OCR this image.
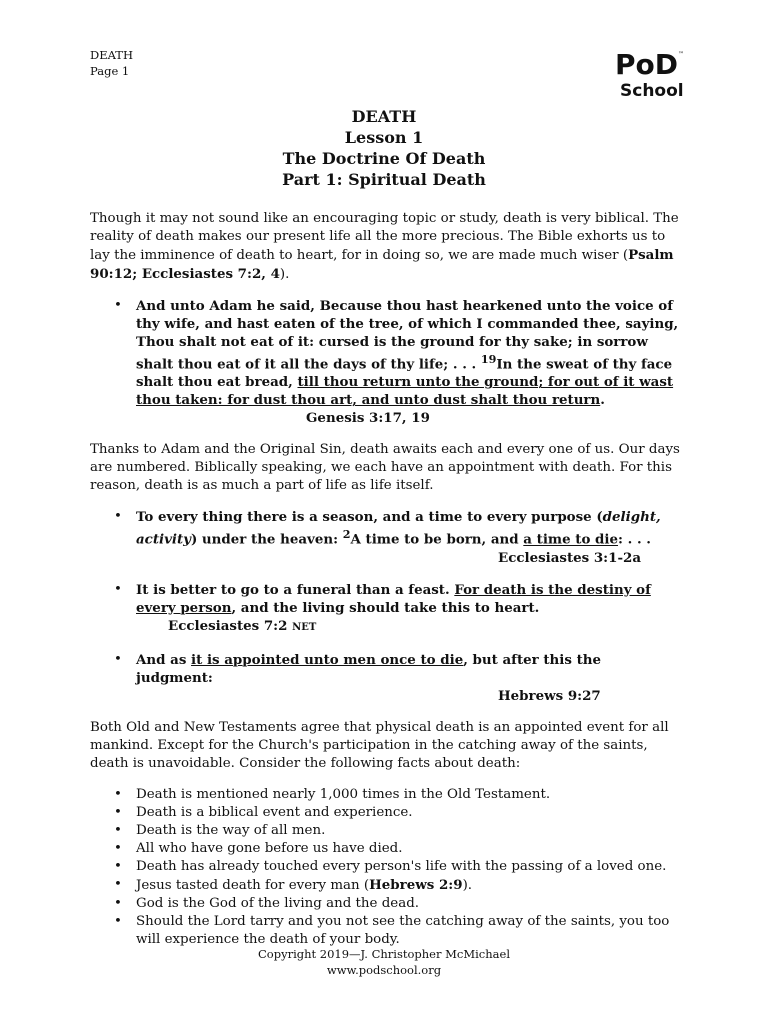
DEATH
Page 1	PoD ™
School
DEATH
Lesson 1
The Doctrine Of Death
Part 1: Spiritual Death

Though it may not sound like an encouraging topic or study, death is very biblical. The reality of death makes our present life all the more precious. The Bible exhorts us to lay the imminence of death to heart, for in doing so, we are made much wiser (Psalm 90:12; Ecclesiastes 7:2, 4).

• And unto Adam he said, Because thou hast hearkened unto the voice of thy wife, and hast eaten of the tree, of which I commanded thee, saying, Thou shalt not eat of it: cursed is the ground for thy sake; in sorrow shalt thou eat of it all the days of thy life; . . . $^{19}$In the sweat of thy face shalt thou eat bread, till thou return unto the ground; for out of it wast thou taken: for dust thou art, and unto dust shalt thou return.Genesis 3:17, 19

Thanks to Adam and the Original Sin, death awaits each and every one of us. Our days are numbered. Biblically speaking, we each have an appointment with death. For this reason, death is as much a part of life as life itself.

• To every thing there is a season, and a time to every purpose (delight, activity) under the heaven: $^2$A time to be born, and a time to die: . . .
Ecclesiastes 3:1-2a
• It is better to go to a funeral than a feast. For death is the destiny of every person, and the living should take this to heart.Ecclesiastes 7:2 NET
• And as it is appointed unto men once to die, but after this the judgment:
Hebrews 9:27

Both Old and New Testaments agree that physical death is an appointed event for all mankind. Except for the Church's participation in the catching away of the saints, death is unavoidable. Consider the following facts about death:

• Death is mentioned nearly 1,000 times in the Old Testament.
• Death is a biblical event and experience.
• Death is the way of all men.
• All who have gone before us have died.
• Death has already touched every person's life with the passing of a loved one.
• Jesus tasted death for every man (Hebrews 2:9).
• God is the God of the living and the dead.
• Should the Lord tarry and you not see the catching away of the saints, you too will experience the death of your body.
Copyright 2019—J. Christopher McMichael
www.podschool.org
